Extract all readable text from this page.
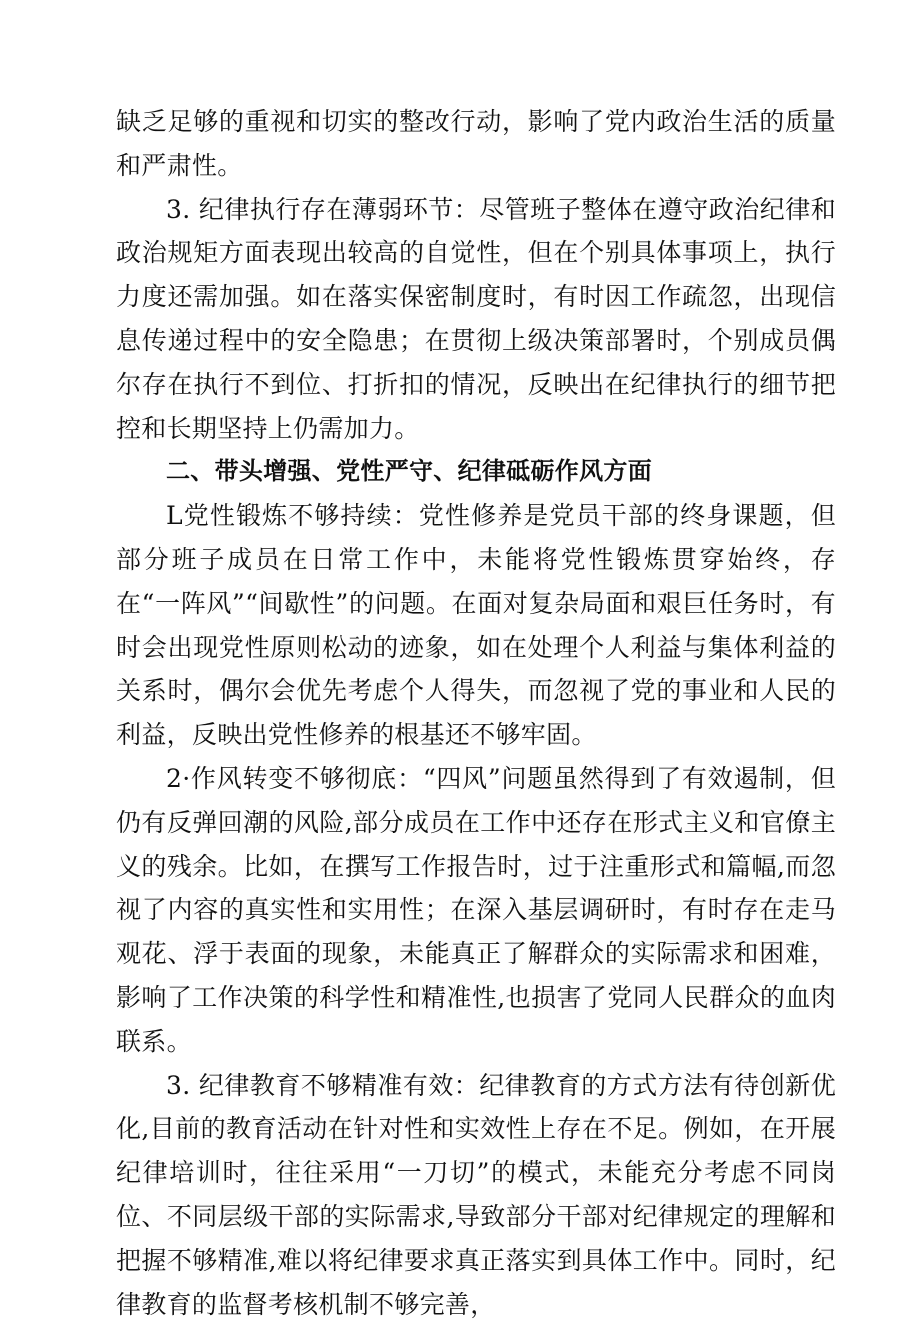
缺乏足够的重视和切实的整改行动，影响了党内政治生活的质量和严肃性。

3. 纪律执行存在薄弱环节：尽管班子整体在遵守政治纪律和政治规矩方面表现出较高的自觉性，但在个别具体事项上，执行力度还需加强。如在落实保密制度时，有时因工作疏忽，出现信息传递过程中的安全隐患；在贯彻上级决策部署时，个别成员偶尔存在执行不到位、打折扣的情况，反映出在纪律执行的细节把控和长期坚持上仍需加力。

二、带头增强、党性严守、纪律砥砺作风方面

L党性锻炼不够持续：党性修养是党员干部的终身课题，但部分班子成员在日常工作中，未能将党性锻炼贯穿始终，存在“一阵风”“间歇性”的问题。在面对复杂局面和艰巨任务时，有时会出现党性原则松动的迹象，如在处理个人利益与集体利益的关系时，偶尔会优先考虑个人得失，而忽视了党的事业和人民的利益，反映出党性修养的根基还不够牢固。

2·作风转变不够彻底：“四风”问题虽然得到了有效遏制，但仍有反弹回潮的风险,部分成员在工作中还存在形式主义和官僚主义的残余。比如，在撰写工作报告时，过于注重形式和篇幅,而忽视了内容的真实性和实用性；在深入基层调研时，有时存在走马观花、浮于表面的现象，未能真正了解群众的实际需求和困难，影响了工作决策的科学性和精准性,也损害了党同人民群众的血肉联系。

3. 纪律教育不够精准有效：纪律教育的方式方法有待创新优化,目前的教育活动在针对性和实效性上存在不足。例如，在开展纪律培训时，往往采用“一刀切”的模式，未能充分考虑不同岗位、不同层级干部的实际需求,导致部分干部对纪律规定的理解和把握不够精准,难以将纪律要求真正落实到具体工作中。同时，纪律教育的监督考核机制不够完善，
